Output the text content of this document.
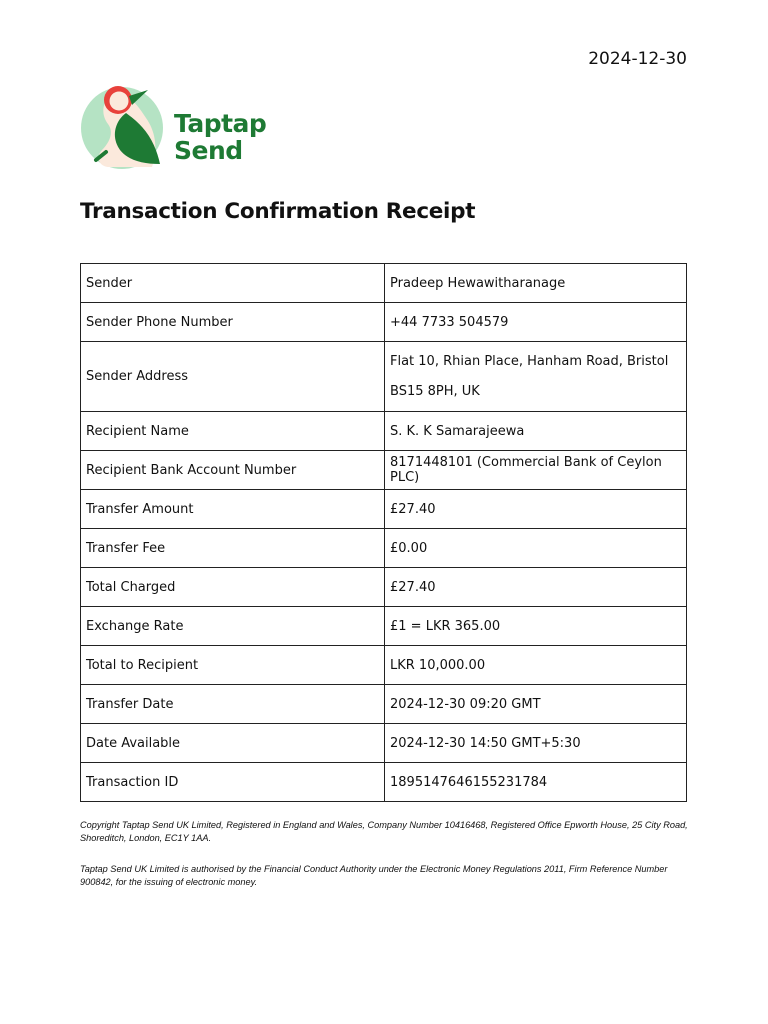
2024-12-30
Taptap
Send
Transaction Confirmation Receipt
Sender	Pradeep Hewawitharanage
Sender Phone Number	+44 7733 504579
Sender Address	Flat 10, Rhian Place, Hanham Road, Bristol
BS15 8PH, UK

Recipient Name	S. K. K Samarajeewa
Recipient Bank Account Number	8171448101 (Commercial Bank of Ceylon PLC)
Transfer Amount	£27.40
Transfer Fee	£0.00
Total Charged	£27.40
Exchange Rate	£1 = LKR 365.00
Total to Recipient	LKR 10,000.00
Transfer Date	2024-12-30 09:20 GMT
Date Available	2024-12-30 14:50 GMT+5:30
Transaction ID	1895147646155231784

Copyright Taptap Send UK Limited, Registered in England and Wales, Company Number 10416468, Registered Office Epworth House, 25 City Road, Shoreditch, London, EC1Y 1AA.

Taptap Send UK Limited is authorised by the Financial Conduct Authority under the Electronic Money Regulations 2011, Firm Reference Number 900842, for the issuing of electronic money.
